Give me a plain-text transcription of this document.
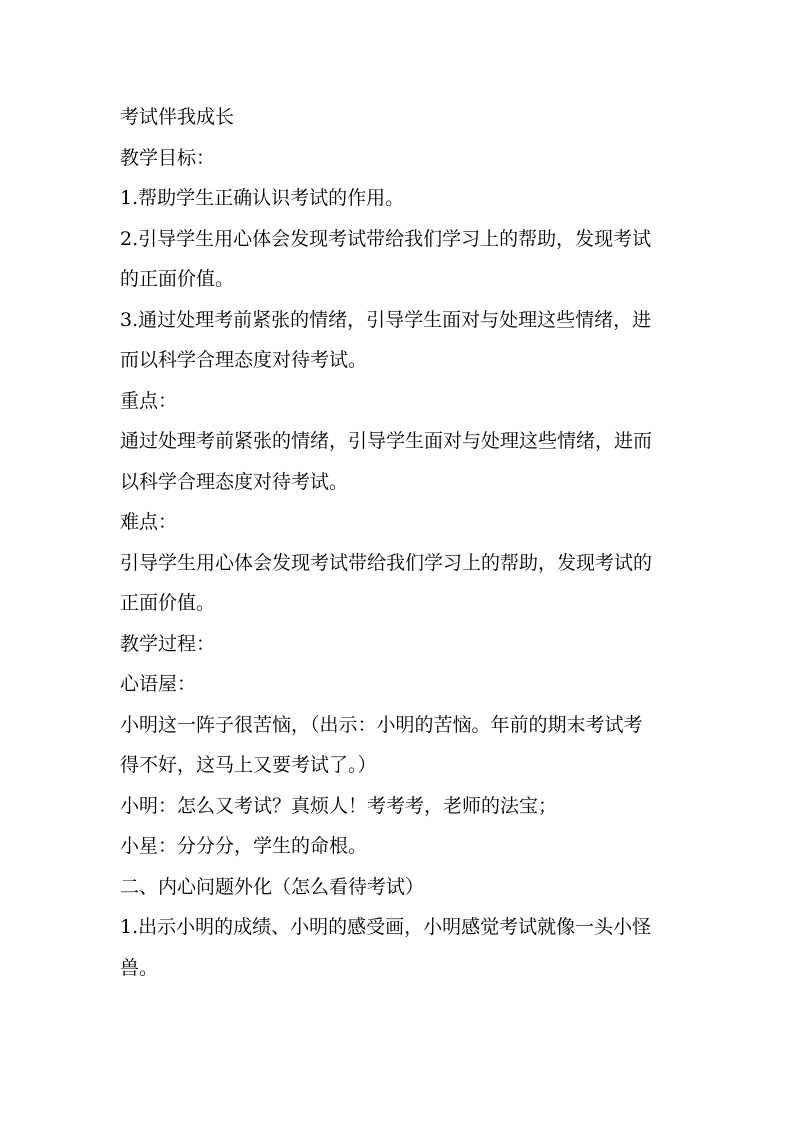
考试伴我成长

教学目标：

1.帮助学生正确认识考试的作用。

2.引导学生用心体会发现考试带给我们学习上的帮助，发现考试

的正面价值。

3.通过处理考前紧张的情绪，引导学生面对与处理这些情绪，进

而以科学合理态度对待考试。

重点：

通过处理考前紧张的情绪，引导学生面对与处理这些情绪，进而

以科学合理态度对待考试。

难点：

引导学生用心体会发现考试带给我们学习上的帮助，发现考试的

正面价值。

教学过程：

心语屋：

小明这一阵子很苦恼，（出示：小明的苦恼。年前的期末考试考

得不好，这马上又要考试了。）

小明：怎么又考试？真烦人！考考考，老师的法宝；

小星：分分分，学生的命根。

二、内心问题外化（怎么看待考试）

1.出示小明的成绩、小明的感受画，小明感觉考试就像一头小怪

兽。
